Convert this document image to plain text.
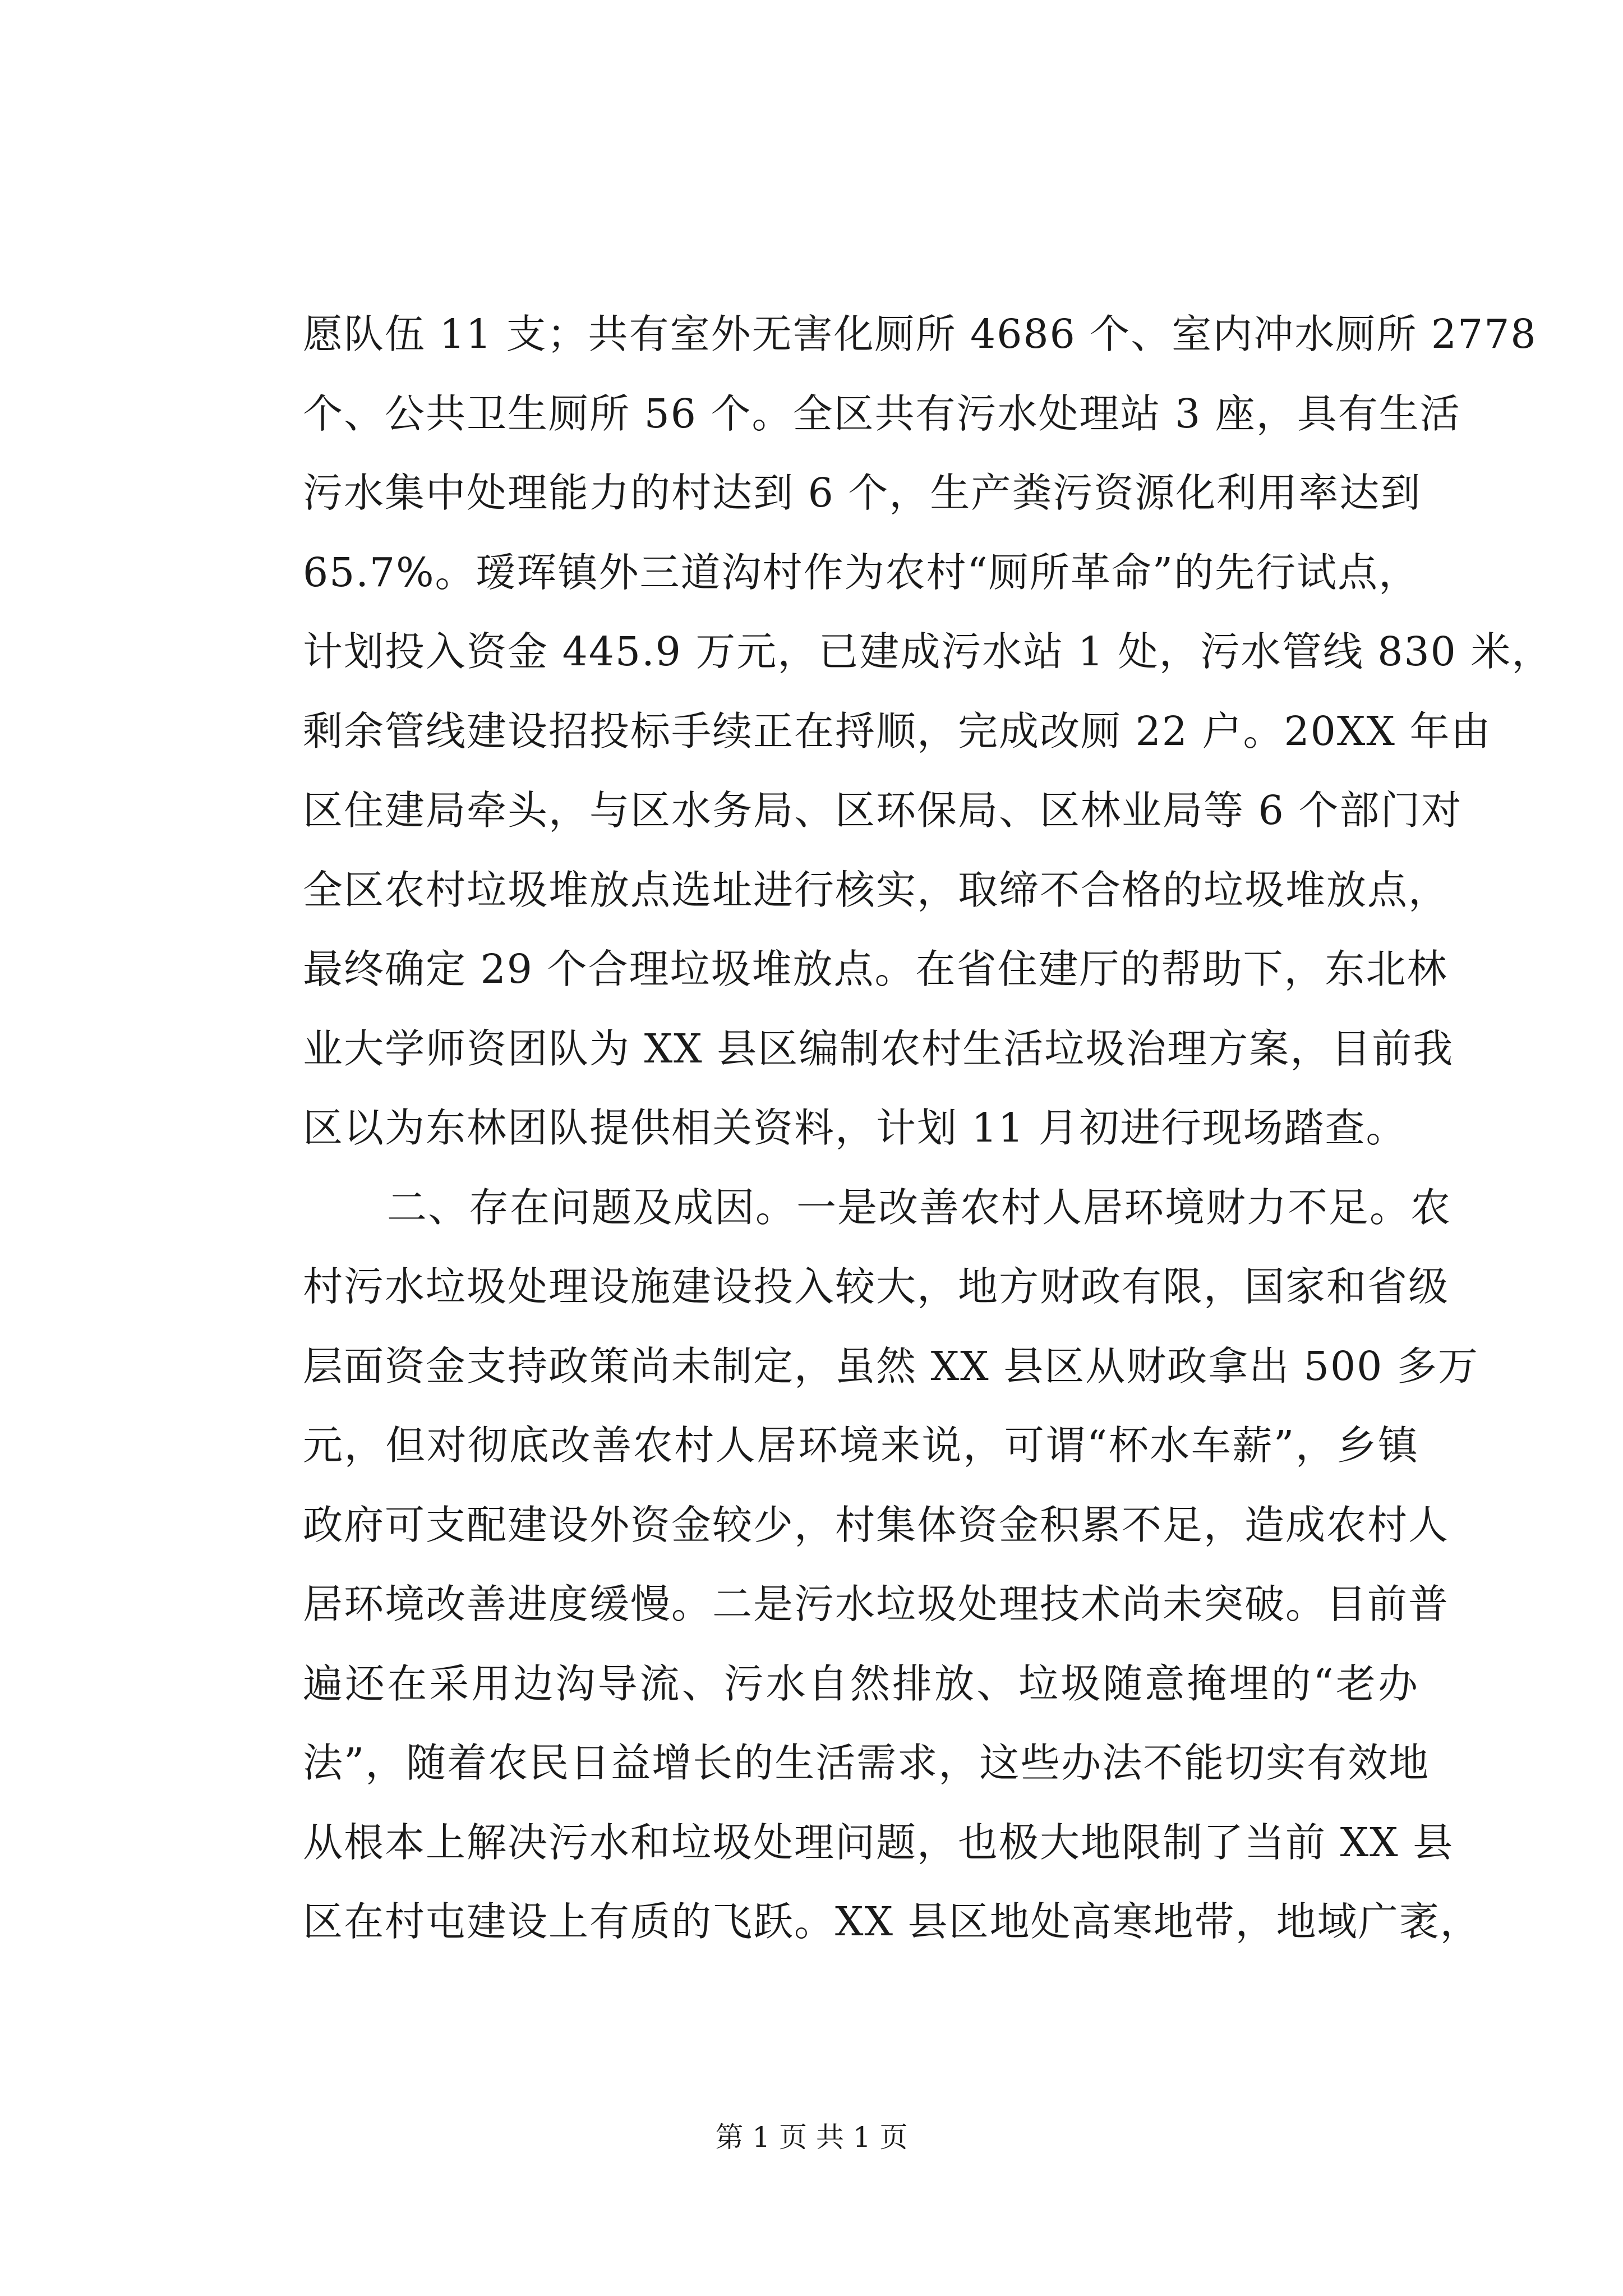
愿队伍 11 支；共有室外无害化厕所 4686 个、室内冲水厕所 2778
个、公共卫生厕所 56 个。全区共有污水处理站 3 座，具有生活
污水集中处理能力的村达到 6 个，生产粪污资源化利用率达到
65.7%。瑷珲镇外三道沟村作为农村“厕所革命”的先行试点，
计划投入资金 445.9 万元，已建成污水站 1 处，污水管线 830 米，
剩余管线建设招投标手续正在捋顺，完成改厕 22 户。20XX 年由
区住建局牵头，与区水务局、区环保局、区林业局等 6 个部门对
全区农村垃圾堆放点选址进行核实，取缔不合格的垃圾堆放点，
最终确定 29 个合理垃圾堆放点。在省住建厅的帮助下，东北林
业大学师资团队为 XX 县区编制农村生活垃圾治理方案，目前我
区以为东林团队提供相关资料，计划 11 月初进行现场踏查。
二、存在问题及成因。一是改善农村人居环境财力不足。农
村污水垃圾处理设施建设投入较大，地方财政有限，国家和省级
层面资金支持政策尚未制定，虽然 XX 县区从财政拿出 500 多万
元，但对彻底改善农村人居环境来说，可谓“杯水车薪”，乡镇
政府可支配建设外资金较少，村集体资金积累不足，造成农村人
居环境改善进度缓慢。二是污水垃圾处理技术尚未突破。目前普
遍还在采用边沟导流、污水自然排放、垃圾随意掩埋的“老办
法”，随着农民日益增长的生活需求，这些办法不能切实有效地
从根本上解决污水和垃圾处理问题，也极大地限制了当前 XX 县
区在村屯建设上有质的飞跃。XX 县区地处高寒地带，地域广袤，
第 1 页 共 1 页
